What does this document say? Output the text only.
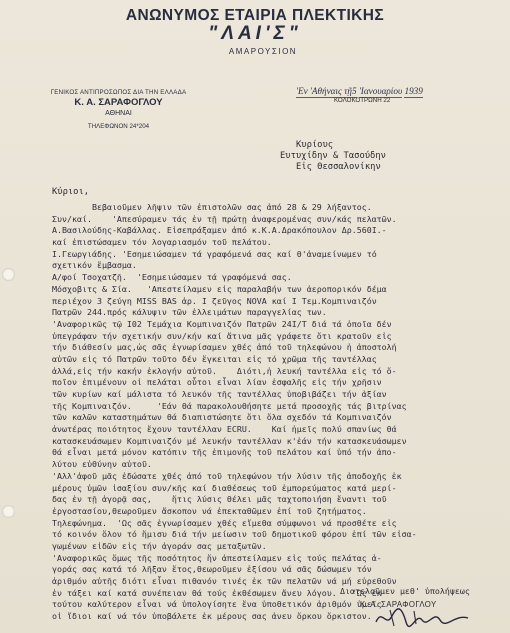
ΑΝΩΝΥΜΟΣ ΕΤΑΙΡΙΑ ΠΛΕΚΤΙΚΗΣ
"ΛΑΙ'Σ"
ΑΜΑΡΟΥΣΙΟΝ
ΓΕΝΙΚΟΣ ΑΝΤΙΠΡΟΣΩΠΟΣ ΔΙΑ ΤΗΝ ΕΛΛΑΔΑ
Κ. Α. ΣΑΡΑΦΟΓΛΟΥ
ΑΘΗΝΑΙ
ΤΗΛΕΦΩΝΟΝ 24*204
'Εν 'Αθήναις τῇ5 'Ιανουαρίου 1939
ΚΟΛΟΚΟΤΡΩΝΗ 22
Κυρίους
Ευτυχίδην & Τασούδην
Εἰς Θεσσαλονίκην
Κύριοι,
Βεβαιοῦμεν λῆψιν τῶν ἐπιστολῶν σας ἀπό 28 & 29 λήξαντος.
Συν/καί.    'Απεσύραμεν τάς ἐν τῇ πρώτῃ ἀναφερομένας συν/κάς πελατῶν.
Α.Βασιλούδης-Καβάλλας. Εἰσεπράξαμεν ἀπό κ.Κ.Α.Δρακόπουλον Δρ.560Ι.-
καί ἐπιστώσαμεν τόν λογαριασμόν τοῦ πελάτου.
Ι.Γεωργιάδης. 'Εσημειώσαμεν τά γραφόμενά σας καί θ'ἀναμείνωμεν τό
σχετικόν ἔμβασμα.
Α/φοί Τσοχατζῆ.  'Εσημειώσαμεν τά γραφόμενά σας.
Μόσχοβιτς & Σία.   'Απεστείλαμεν εἰς παραλαβήν των ἀεροπορικόν δέμα
περιέχον 3 ζεύγη MISS BAS ἀρ. Ι ζεῦγος NOVA καί Ι Τεμ.Κομπιναιζόν
Πατρῶν 244.πρός κάλυψιν τῶν ἐλλειμάτων παραγγελίας των.
'Αναφορικῶς τῷ Ι02 Τεμάχια Κομπιναιζόν Πατρῶν 24Ι/Τ διά τά ὁποῖα δέν
ὑπεγράφαν τήν σχετικήν συν/κήν καί ἅτινα μᾶς γράφετε ὅτι κρατοῦν εἰς
τήν διάθεσίν μας,ὡς σᾶς ἐγνωρίσαμεν χθές ἀπό τοῦ τηλεφώνου ἡ ἀποστολή
αὐτῶν εἰς τό Πατρῶν τοῦτο δέν ἔγκειται εἰς τό χρῶμα τῆς ταντέλλας
ἀλλά,εἰς τήν κακήν ἐκλογήν αὐτοῦ.    Διότι,ἡ λευκή ταντέλλα εἰς τό ὅ-
ποῖον ἐπιμένουν οἱ πελάται οὗτοι εἶναι λίαν ἐσφαλῆς εἰς τήν χρῆσιν
τῶν κυρίων καί μάλιστα τό λευκόν τῆς ταντέλλας ὑποβιβάζει τήν ἀξίαν
τῆς Κομπιναιζόν.     'Εάν θά παρακολουθήσητε μετά προσοχῆς τάς βιτρίνας
τῶν καλῶν καταστημάτων θά διαπιστώσητε ὅτι ὅλα σχεδόν τά Κομπιναιζόν
ἀνωτέρας ποιότητος ἔχουν ταντέλλαν ECRU.    Καί ἡμεῖς πολύ σπανίως θά
κατασκευάσωμεν Κομπιναιζόν μέ λευκήν ταντέλλαν κ'ἐάν τήν κατασκευάσωμεν
θά εἶναι μετά μόνον κατόπιν τῆς ἐπιμονῆς τοῦ πελάτου καί ὑπό τήν ἀπο-
λύτου εὐθύνην αὐτοῦ.
'Αλλ'ἀφοῦ μᾶς ἐδώσατε χθές ἀπό τοῦ τηλεφώνου τήν λύσιν τῆς ἀποδοχῆς ἐκ
μέρους ὑμῶν ἰσαξίου συν/κῆς καί διαθέσεως τοῦ ἐμπορεύματος κατά μερί-
δας ἐν τῇ ἀγορᾷ σας,    ἥτις λύσις θέλει μᾶς ταχτοποιήση ἔναντι τοῦ
ἐργοστασίου,θεωροῦμεν ἄσκοπον νά ἐπεκταθῶμεν ἐπί τοῦ ζητήματος.
Τηλεφώνημα.  'Ως σᾶς ἐγνωρίσαμεν χθές εἴμεθα σύμφωνοι νά προσθέτε εἰς
τό κοινόν ὅλον τό ἥμισυ διά τήν μείωσιν τοῦ δημοτικοῦ φόρου ἐπί τῶν εἰσα-
γωμένων εἰδῶν εἰς τήν ἀγοράν σας μεταξωτῶν.
'Αναφορικῶς ὅμως τῆς ποσότητος ἥν ἀπεστείλαμεν εἰς τούς πελάτας ἀ-
γοράς σας κατά τό λῆξαν ἔτος,θεωροῦμεν ἐξίσου νά σᾶς δώσωμεν τόν
ἀριθμόν αὐτῆς διότι εἶναι πιθανόν τινές ἐκ τῶν πελατῶν νά μή εὑρεθοῦν
ἐν τάξει καί κατά συνέπειαν θά τούς ἐκθέσωμεν ἄνευ λόγου.   'Ως ἐκ
τούτου καλύτερον εἶναι νά ὑπολογίσητε ἕνα ὑποθετικόν ἀριθμόν ὑμεῖς
οἱ ἴδιοι καί νά τόν ὑποβάλετε ἐκ μέρους σας ἀνευ ὅρκου ὅρκιστον.
Διατελοῦμεν μεθ' ὑπολήψεως
Κ. Α. ΣΑΡΑΦΟΓΛΟΥ
